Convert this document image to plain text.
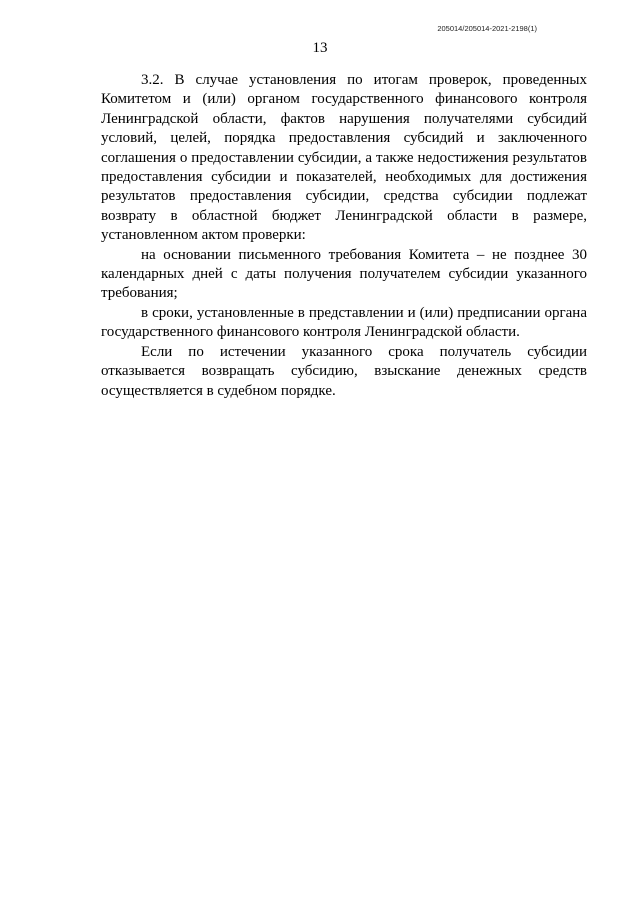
205014/205014-2021-2198(1)
13

3.2. В случае установления по итогам проверок, проведенных Комитетом и (или) органом государственного финансового контроля Ленинградской области, фактов нарушения получателями субсидий условий, целей, порядка предоставления субсидий и заключенного соглашения о предоставлении субсидии, а также недостижения результатов предоставления субсидии и показателей, необходимых для достижения результатов предоставления субсидии, средства субсидии подлежат возврату в областной бюджет Ленинградской области в размере, установленном актом проверки:

на основании письменного требования Комитета – не позднее 30 календарных дней с даты получения получателем субсидии указанного требования;

в сроки, установленные в представлении и (или) предписании органа государственного финансового контроля Ленинградской области.

Если по истечении указанного срока получатель субсидии отказывается возвращать субсидию, взыскание денежных средств осуществляется в судебном порядке.
